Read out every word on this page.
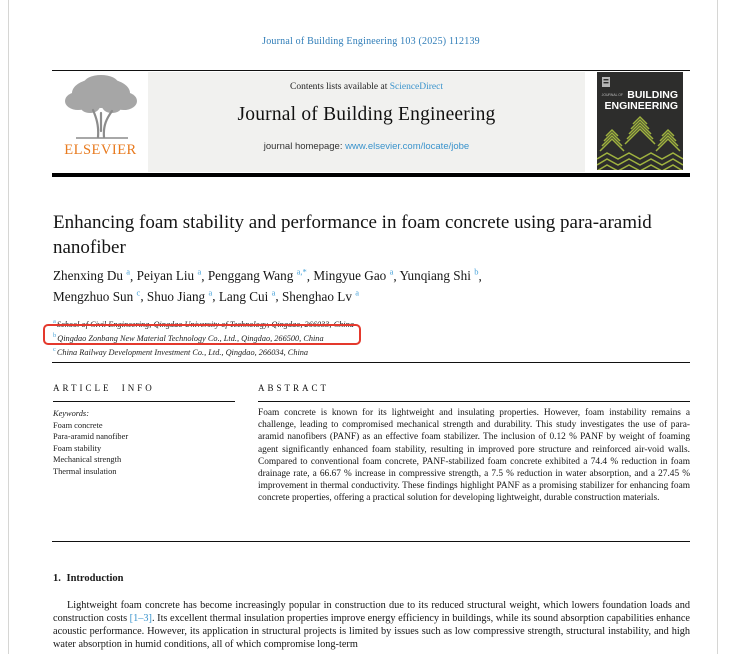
Journal of Building Engineering 103 (2025) 112139
ELSEVIER
Contents lists available at ScienceDirect
Journal of Building Engineering
journal homepage: www.elsevier.com/locate/jobe
JOURNAL OF BUILDING
ENGINEERING
Enhancing foam stability and performance in foam concrete using para-aramid nanofiber
Zhenxing Du $^a$, Peiyan Liu $^a$, Penggang Wang $^{a,*}$, Mingyue Gao $^a$, Yunqiang Shi $^b$,
Mengzhuo Sun $^c$, Shuo Jiang $^a$, Lang Cui $^a$, Shenghao Lv $^a$
$^a$School of Civil Engineering, Qingdao University of Technology, Qingdao, 266033, China
$^b$Qingdao Zonbang New Material Technology Co., Ltd., Qingdao, 266500, China
$^c$China Railway Development Investment Co., Ltd., Qingdao, 266034, China
ARTICLE INFO
Keywords:
Foam concrete
Para-aramid nanofiber
Foam stability
Mechanical strength
Thermal insulation
ABSTRACT
Foam concrete is known for its lightweight and insulating properties. However, foam instability remains a challenge, leading to compromised mechanical strength and durability. This study investigates the use of para-aramid nanofibers (PANF) as an effective foam stabilizer. The inclusion of 0.12 % PANF by weight of foaming agent significantly enhanced foam stability, resulting in improved pore structure and reinforced air-void walls. Compared to conventional foam concrete, PANF-stabilized foam concrete exhibited a 74.4 % reduction in foam drainage rate, a 66.67 % increase in compressive strength, a 7.5 % reduction in water absorption, and a 27.45 % improvement in thermal conductivity. These findings highlight PANF as a promising stabilizer for enhancing foam concrete properties, offering a practical solution for developing lightweight, durable construction materials.
1. Introduction
Lightweight foam concrete has become increasingly popular in construction due to its reduced structural weight, which lowers foundation loads and construction costs [1–3]. Its excellent thermal insulation properties improve energy efficiency in buildings, while its sound absorption capabilities enhance acoustic performance. However, its application in structural projects is limited by issues such as low compressive strength, structural instability, and high water absorption in humid conditions, all of which compromise long-term
